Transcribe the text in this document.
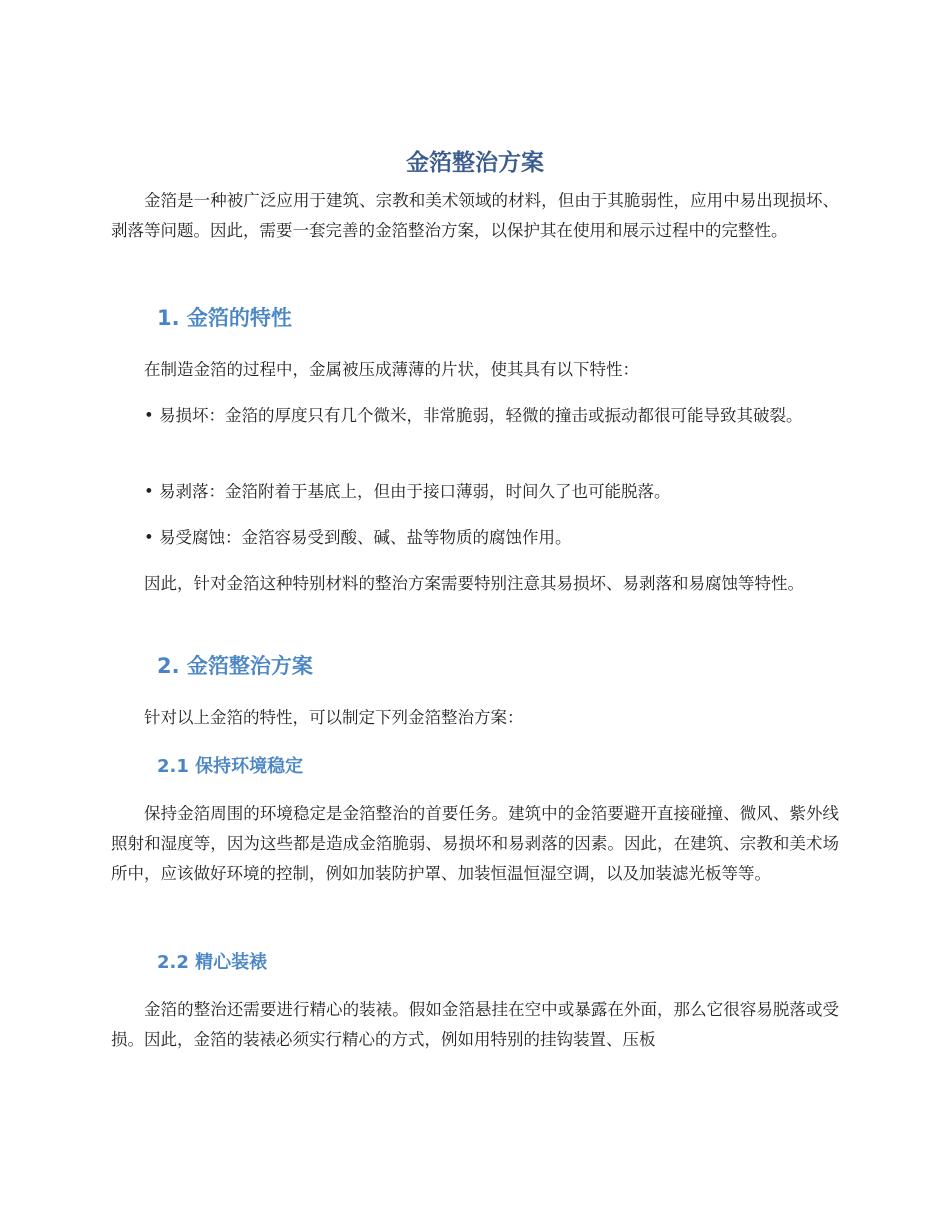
金箔整治方案

金箔是一种被广泛应用于建筑、宗教和美术领域的材料，但由于其脆弱性，应用中易出现损坏、剥落等问题。因此，需要一套完善的金箔整治方案，以保护其在使用和展示过程中的完整性。

1. 金箔的特性

在制造金箔的过程中，金属被压成薄薄的片状，使其具有以下特性：

• 易损坏：金箔的厚度只有几个微米，非常脆弱，轻微的撞击或振动都很可能导致其破裂。

• 易剥落：金箔附着于基底上，但由于接口薄弱，时间久了也可能脱落。

• 易受腐蚀：金箔容易受到酸、碱、盐等物质的腐蚀作用。

因此，针对金箔这种特别材料的整治方案需要特别注意其易损坏、易剥落和易腐蚀等特性。

2. 金箔整治方案

针对以上金箔的特性，可以制定下列金箔整治方案：

2.1 保持环境稳定

保持金箔周围的环境稳定是金箔整治的首要任务。建筑中的金箔要避开直接碰撞、微风、紫外线照射和湿度等，因为这些都是造成金箔脆弱、易损坏和易剥落的因素。因此，在建筑、宗教和美术场所中，应该做好环境的控制，例如加装防护罩、加装恒温恒湿空调，以及加装滤光板等等。

2.2 精心装裱

金箔的整治还需要进行精心的装裱。假如金箔悬挂在空中或暴露在外面，那么它很容易脱落或受损。因此，金箔的装裱必须实行精心的方式，例如用特别的挂钩装置、压板
